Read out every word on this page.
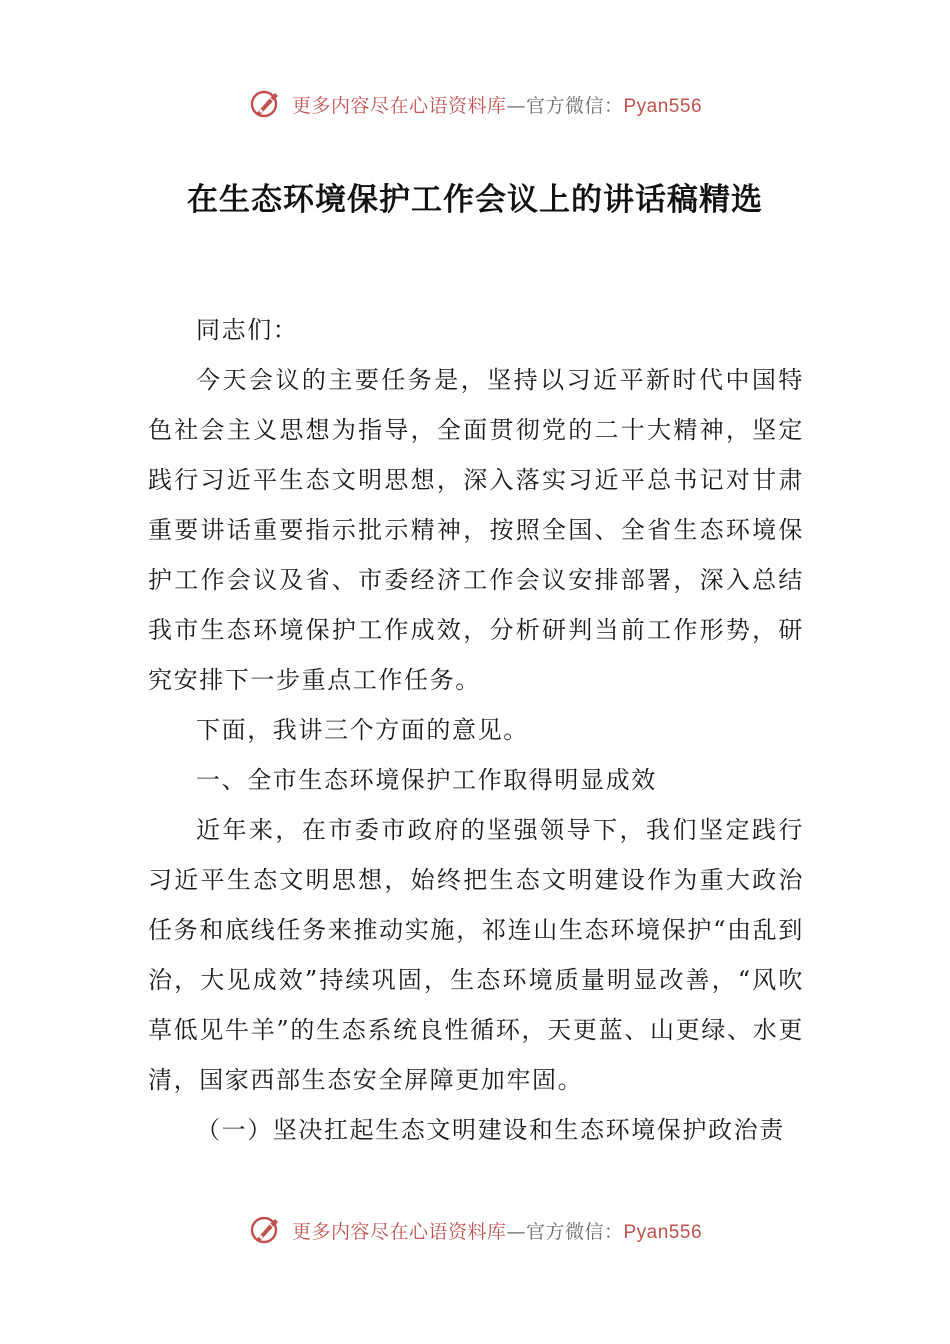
更多内容尽在心语资料库—官方微信：Pyan556
在生态环境保护工作会议上的讲话稿精选

同志们：

今天会议的主要任务是，坚持以习近平新时代中国特色社会主义思想为指导，全面贯彻党的二十大精神，坚定践行习近平生态文明思想，深入落实习近平总书记对甘肃重要讲话重要指示批示精神，按照全国、全省生态环境保护工作会议及省、市委经济工作会议安排部署，深入总结我市生态环境保护工作成效，分析研判当前工作形势，研究安排下一步重点工作任务。

下面，我讲三个方面的意见。

一、全市生态环境保护工作取得明显成效

近年来，在市委市政府的坚强领导下，我们坚定践行习近平生态文明思想，始终把生态文明建设作为重大政治任务和底线任务来推动实施，祁连山生态环境保护“由乱到治，大见成效”持续巩固，生态环境质量明显改善，“风吹草低见牛羊”的生态系统良性循环，天更蓝、山更绿、水更清，国家西部生态安全屏障更加牢固。

（一）坚决扛起生态文明建设和生态环境保护政治责

更多内容尽在心语资料库—官方微信：Pyan556
